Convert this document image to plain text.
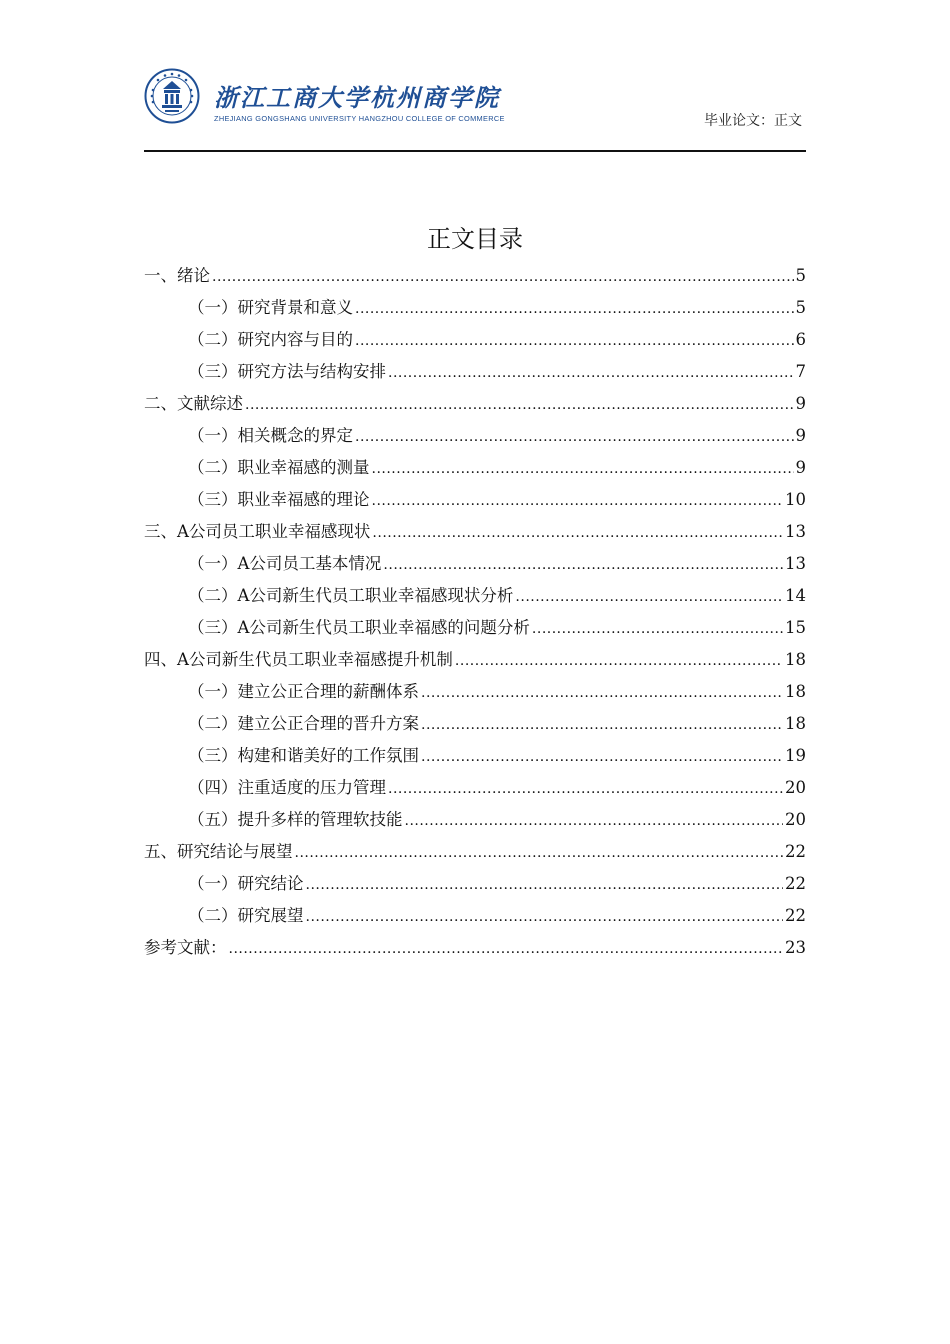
浙江工商大学杭州商学院
ZHEJIANG GONGSHANG UNIVERSITY HANGZHOU COLLEGE OF COMMERCE	毕业论文：正文
正文目录
一、 绪论 .....	5
（一）研究背景和意义 .....	5
（二）研究内容与目的 .....	6
（三）研究方法与结构安排 .....	7
二、 文献综述 .....	9
（一）相关概念的界定 .....	9
（二）职业幸福感的测量 .....	9
（三）职业幸福感的理论 .....	10
三、 A公司员工职业幸福感现状 .....	13
（一）A公司员工基本情况 .....	13
（二）A公司新生代员工职业幸福感现状分析 .....	14
（三）A公司新生代员工职业幸福感的问题分析 .....	15
四、 A公司新生代员工职业幸福感提升机制 .....	18
（一）建立公正合理的薪酬体系 .....	18
（二）建立公正合理的晋升方案 .....	18
（三）构建和谐美好的工作氛围 .....	19
（四）注重适度的压力管理 .....	20
（五）提升多样的管理软技能 .....	20
五、 研究结论与展望 .....	22
（一）研究结论 .....	22
（二）研究展望 .....	22
参考文献： .....	23
